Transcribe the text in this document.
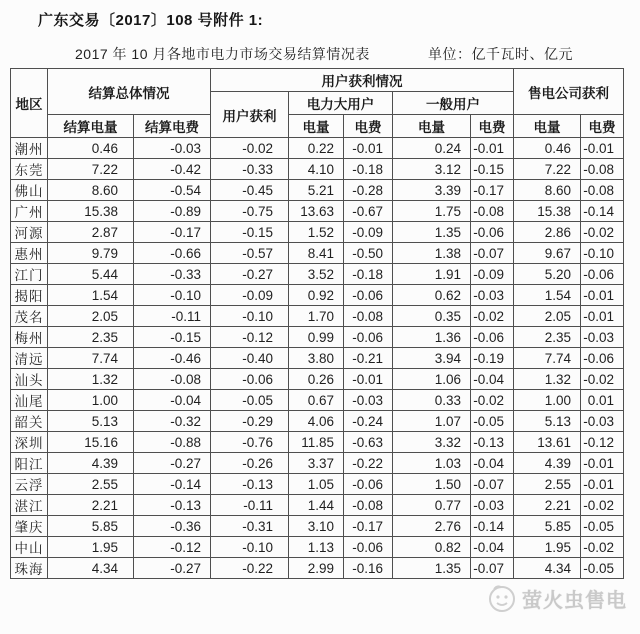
广东交易〔2017〕108 号附件 1:
2017 年 10 月各地市电力市场交易结算情况表	单位：亿千瓦时、亿元
地区	结算总体情况		用户获利情况					售电公司获利	
			用户获利	电力大用户		一般用户			
	结算电量	结算电费		电量	电费	电量	电费	电量	电费
潮州	0.46	-0.03	-0.02	0.22	-0.01	0.24	-0.01	0.46	-0.01
东莞	7.22	-0.42	-0.33	4.10	-0.18	3.12	-0.15	7.22	-0.08
佛山	8.60	-0.54	-0.45	5.21	-0.28	3.39	-0.17	8.60	-0.08
广州	15.38	-0.89	-0.75	13.63	-0.67	1.75	-0.08	15.38	-0.14
河源	2.87	-0.17	-0.15	1.52	-0.09	1.35	-0.06	2.86	-0.02
惠州	9.79	-0.66	-0.57	8.41	-0.50	1.38	-0.07	9.67	-0.10
江门	5.44	-0.33	-0.27	3.52	-0.18	1.91	-0.09	5.20	-0.06
揭阳	1.54	-0.10	-0.09	0.92	-0.06	0.62	-0.03	1.54	-0.01
茂名	2.05	-0.11	-0.10	1.70	-0.08	0.35	-0.02	2.05	-0.01
梅州	2.35	-0.15	-0.12	0.99	-0.06	1.36	-0.06	2.35	-0.03
清远	7.74	-0.46	-0.40	3.80	-0.21	3.94	-0.19	7.74	-0.06
汕头	1.32	-0.08	-0.06	0.26	-0.01	1.06	-0.04	1.32	-0.02
汕尾	1.00	-0.04	-0.05	0.67	-0.03	0.33	-0.02	1.00	0.01
韶关	5.13	-0.32	-0.29	4.06	-0.24	1.07	-0.05	5.13	-0.03
深圳	15.16	-0.88	-0.76	11.85	-0.63	3.32	-0.13	13.61	-0.12
阳江	4.39	-0.27	-0.26	3.37	-0.22	1.03	-0.04	4.39	-0.01
云浮	2.55	-0.14	-0.13	1.05	-0.06	1.50	-0.07	2.55	-0.01
湛江	2.21	-0.13	-0.11	1.44	-0.08	0.77	-0.03	2.21	-0.02
肇庆	5.85	-0.36	-0.31	3.10	-0.17	2.76	-0.14	5.85	-0.05
中山	1.95	-0.12	-0.10	1.13	-0.06	0.82	-0.04	1.95	-0.02
珠海	4.34	-0.27	-0.22	2.99	-0.16	1.35	-0.07	4.34	-0.05
萤火虫售电
